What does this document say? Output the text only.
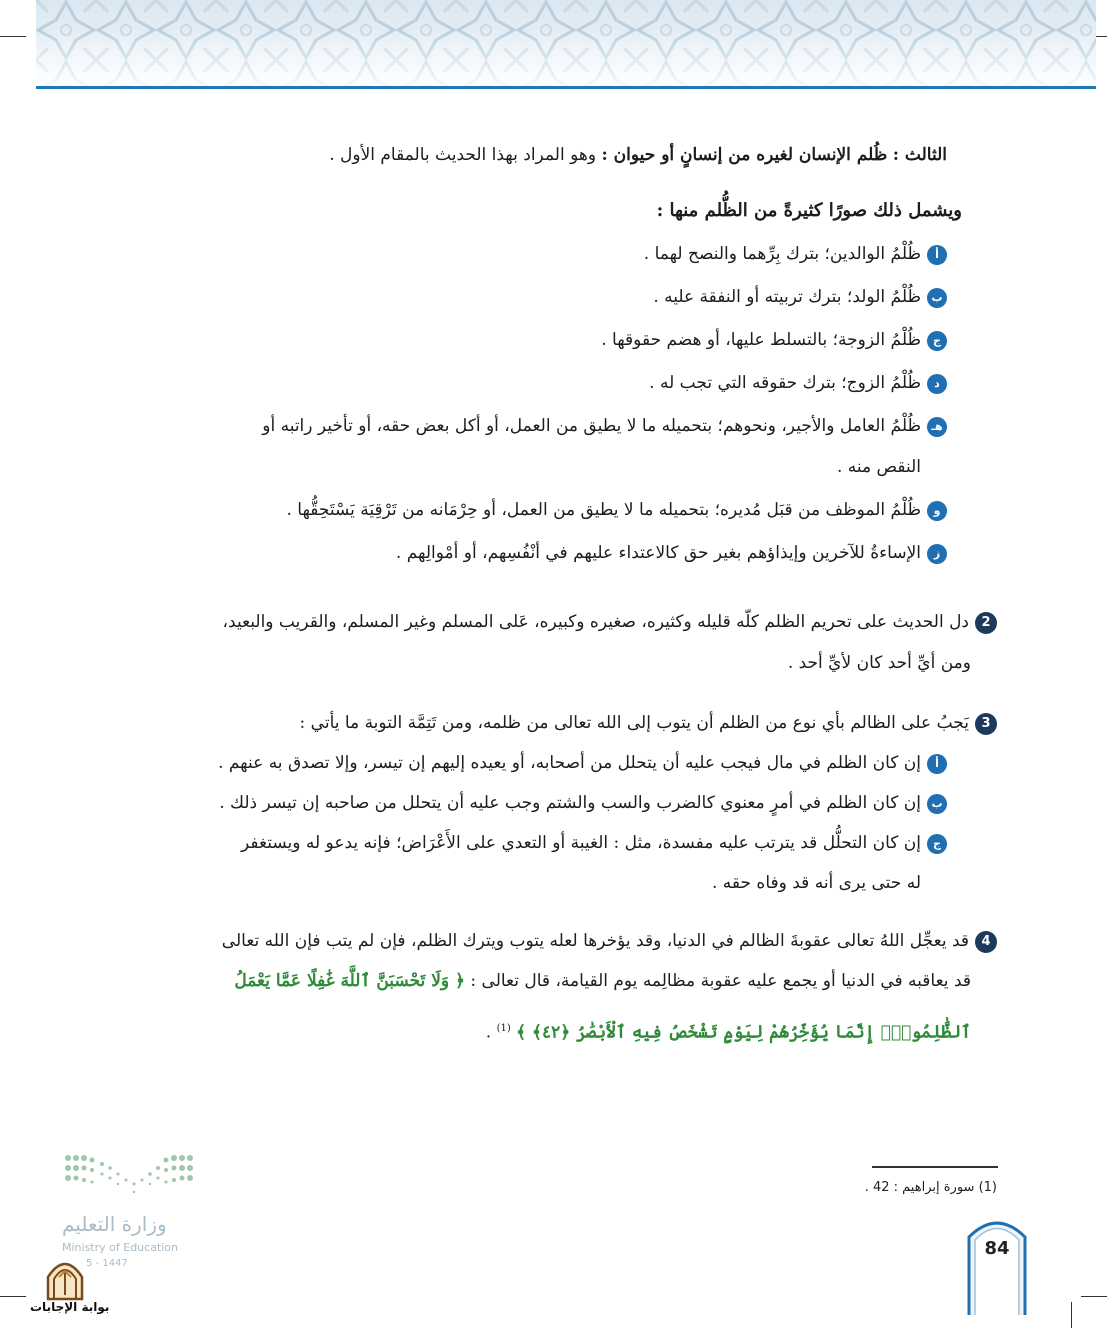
الثالث : ظُلم الإنسان لغيره من إنسانٍ أو حيوان : وهو المراد بهذا الحديث بالمقام الأول .
ويشمل ذلك صورًا كثيرةً من الظُّلم منها :
أظُلْمُ الوالدين؛ بترك بِرِّهما والنصح لهما .
بظُلْمُ الولد؛ بترك تربيته أو النفقة عليه .
جظُلْمُ الزوجة؛ بالتسلط عليها، أو هضم حقوقها .
دظُلْمُ الزوج؛ بترك حقوقه التي تجب له .
هـظُلْمُ العامل والأجير، ونحوهم؛ بتحميله ما لا يطيق من العمل، أو أكل بعض حقه، أو تأخير راتبه أو
النقص منه .
وظُلْمُ الموظف من قبَل مُديره؛ بتحميله ما لا يطيق من العمل، أو حِرْمَانه من تَرْقِيَة يَسْتَحِقُّها .
زالإساءةُ للآخرين وإيذاؤهم بغير حق كالاعتداء عليهم في أنْفُسِهم، أو أمْوالِهم .
2دل الحديث على تحريم الظلم كلّه قليله وكثيره، صغيره وكبيره، عَلى المسلم وغير المسلم، والقريب والبعيد،
ومن أيِّ أحد كان لأيِّ أحد .
3يَجبُ على الظالم بأي نوع من الظلم أن يتوب إلى الله تعالى من ظلمه، ومن تَتِمَّة التوبة ما يأتي :
أإن كان الظلم في مال فيجب عليه أن يتحلل من أصحابه، أو يعيده إليهم إن تيسر، وإلا تصدق به عنهم .
بإن كان الظلم في أمرٍ معنوي كالضرب والسب والشتم وجب عليه أن يتحلل من صاحبه إن تيسر ذلك .
جإن كان التحلُّل قد يترتب عليه مفسدة، مثل : الغيبة أو التعدي على الأَعْرَاض؛ فإنه يدعو له ويستغفر
له حتى يرى أنه قد وفاه حقه .
4قد يعجِّل اللهُ تعالى عقوبةَ الظالم في الدنيا، وقد يؤخرها لعله يتوب ويترك الظلم، فإن لم يتب فإن الله تعالى
قد يعاقبه في الدنيا أو يجمع عليه عقوبة مظالِمه يوم القيامة، قال تعالى : ﴿ وَلَا تَحْسَبَنَّ ٱللَّهَ غَٰفِلًا عَمَّا يَعْمَلُ
ٱلظَّٰلِمُونَۚ إِنَّمَا يُؤَخِّرُهُمْ لِيَوْمٍ تَشْخَصُ فِيهِ ٱلْأَبْصَٰرُ ﴿٤٢﴾ ﴾ $^{(1)}$ .
(1) سورة إبراهيم : 42 .
84
وزارة التعليم
Ministry of Education
5 - 1447
بوابة الإجابات
